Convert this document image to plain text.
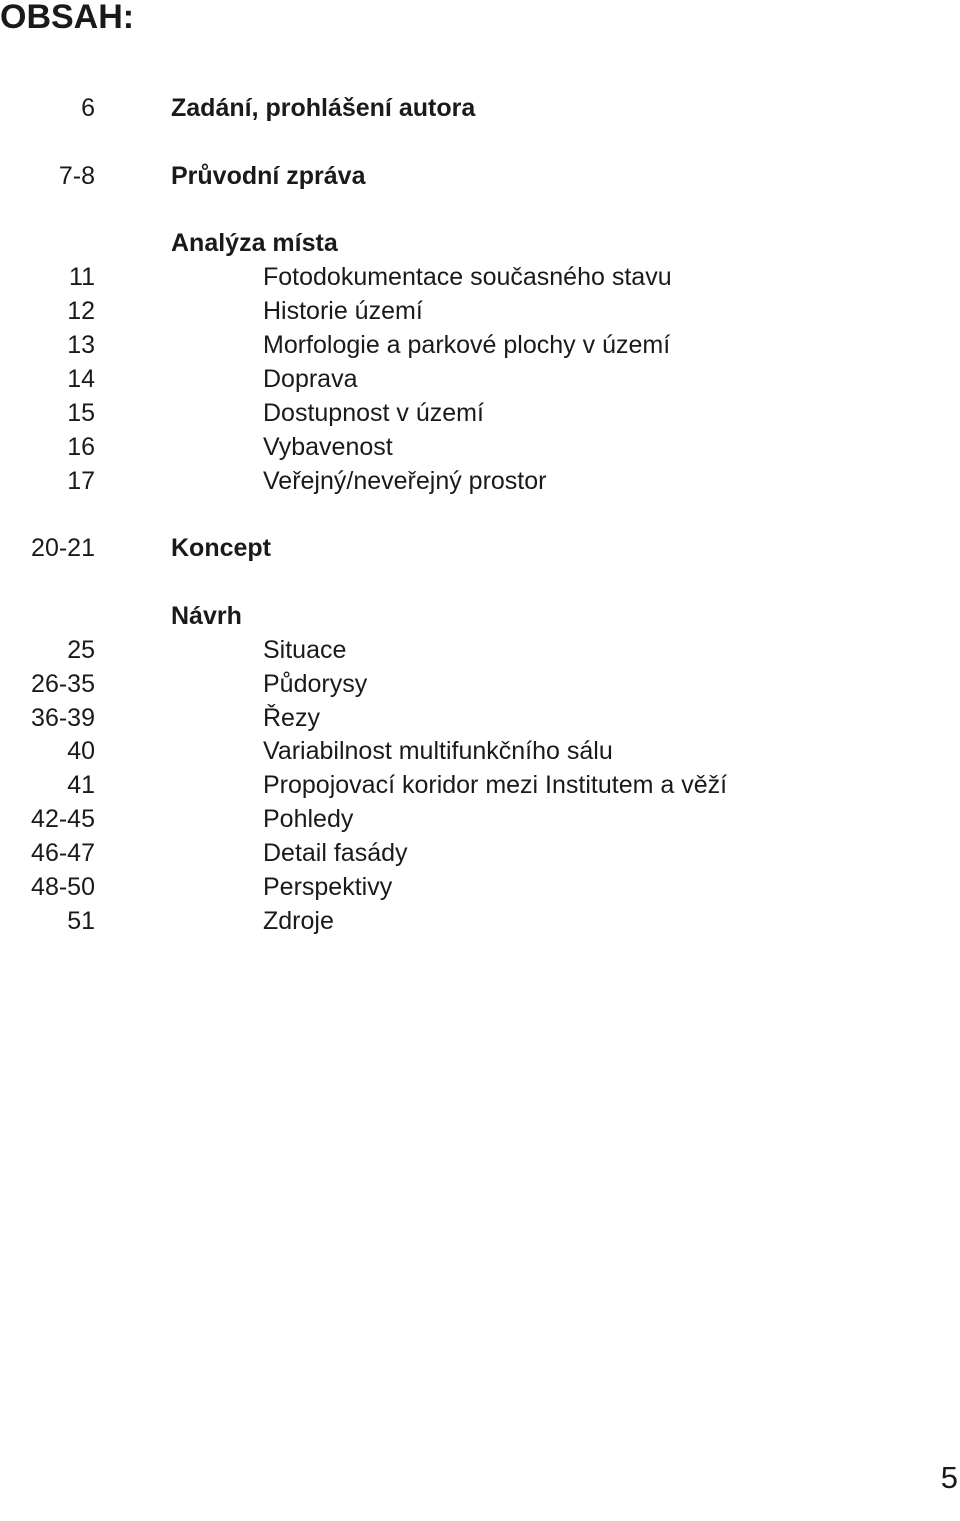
OBSAH:
6	Zadání, prohlášení autora
7-8	Průvodní zpráva
Analýza místa
11	Fotodokumentace současného stavu
12	Historie území
13	Morfologie a parkové plochy v území
14	Doprava
15	Dostupnost v území
16	Vybavenost
17	Veřejný/neveřejný prostor
20-21	Koncept
Návrh
25	Situace
26-35	Půdorysy
36-39	Řezy
40	Variabilnost multifunkčního sálu
41	Propojovací koridor mezi Institutem a věží
42-45	Pohledy
46-47	Detail fasády
48-50	Perspektivy
51	Zdroje
5
